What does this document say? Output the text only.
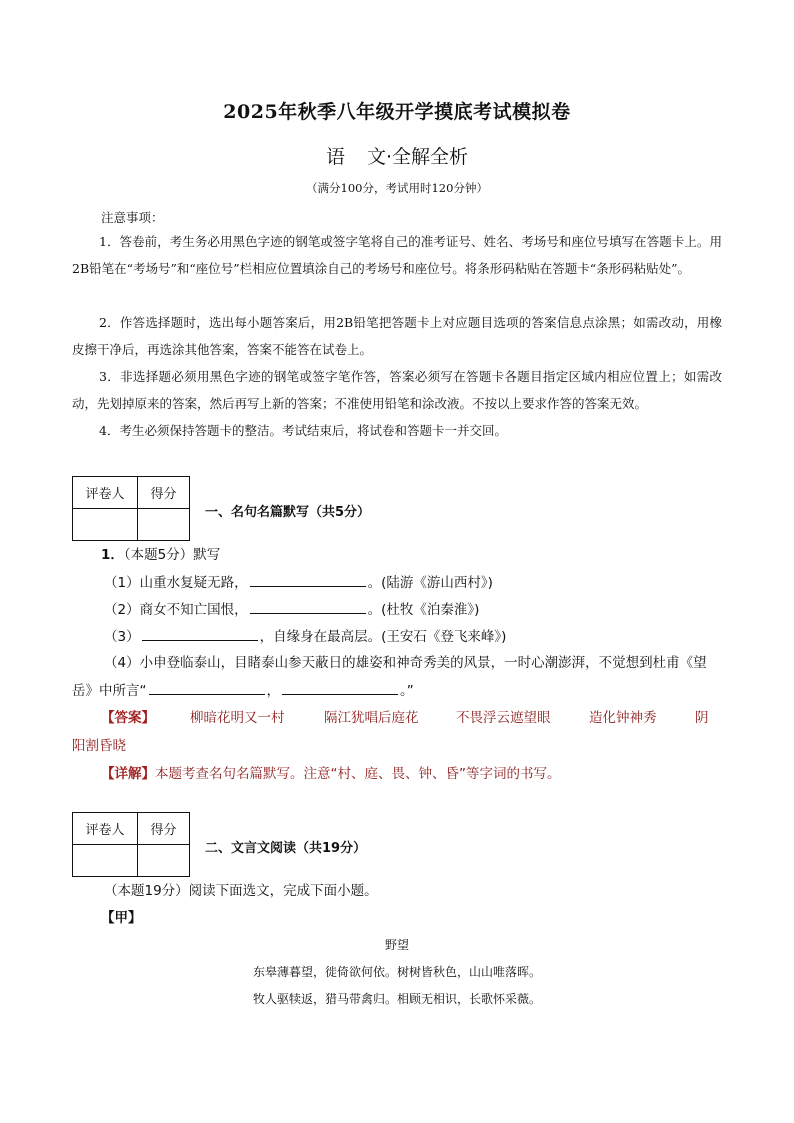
2025年秋季八年级开学摸底考试模拟卷
语 文·全解全析
（满分100分，考试用时120分钟）
注意事项：
1．答卷前，考生务必用黑色字迹的钢笔或签字笔将自己的准考证号、姓名、考场号和座位号填写在答题卡上。用2B铅笔在“考场号”和“座位号”栏相应位置填涂自己的考场号和座位号。将条形码粘贴在答题卡“条形码粘贴处”。
2．作答选择题时，选出每小题答案后，用2B铅笔把答题卡上对应题目选项的答案信息点涂黑；如需改动，用橡皮擦干净后，再选涂其他答案，答案不能答在试卷上。
3．非选择题必须用黑色字迹的钢笔或签字笔作答，答案必须写在答题卡各题目指定区域内相应位置上；如需改动，先划掉原来的答案，然后再写上新的答案；不准使用铅笔和涂改液。不按以上要求作答的答案无效。
4．考生必须保持答题卡的整洁。考试结束后，将试卷和答题卡一并交回。
评卷人	得分

一、名句名篇默写（共5分）
1．（本题5分）默写
（1）山重水复疑无路，	。(陆游《游山西村》)
（2）商女不知亡国恨，	。(杜牧《泊秦淮》)
（3）	，自缘身在最高层。(王安石《登飞来峰》)
（4）小申登临泰山，目睹泰山参天蔽日的雄姿和神奇秀美的风景，一时心潮澎湃，不觉想到杜甫《望
岳》中所言“	，	。”
【答案】	柳暗花明又一村	隔江犹唱后庭花	不畏浮云遮望眼	造化钟神秀	阴
阳割昏晓
【详解】本题考查名句名篇默写。注意“村、庭、畏、钟、昏”等字词的书写。
评卷人	得分

二、文言文阅读（共19分）
（本题19分）阅读下面选文，完成下面小题。
【甲】
野望
东皋薄暮望，徙倚欲何依。树树皆秋色，山山唯落晖。
牧人驱犊返，猎马带禽归。相顾无相识，长歌怀采薇。
